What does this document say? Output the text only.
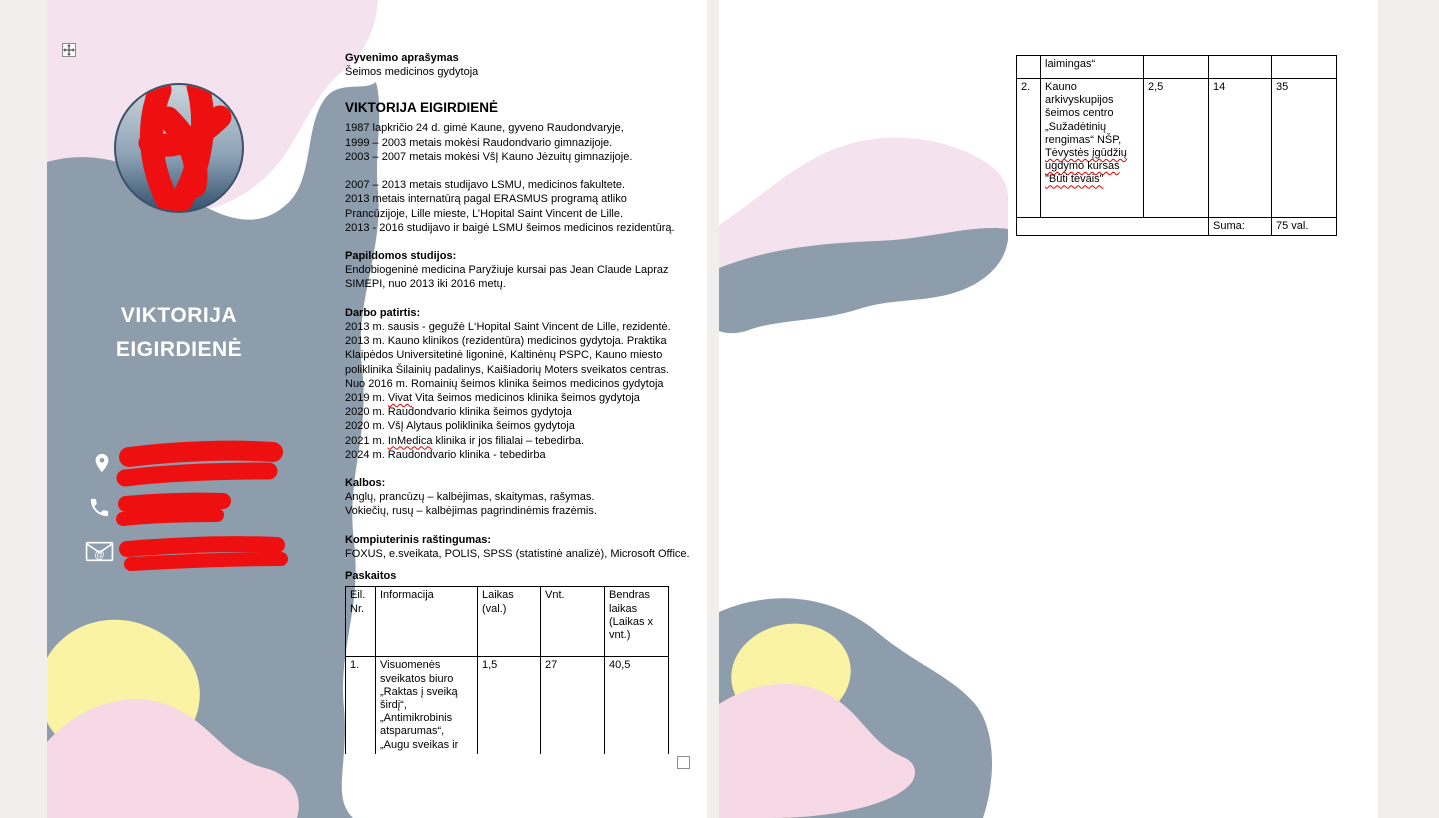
VIKTORIJA
EIGIRDIENĖ
@
Gyvenimo aprašymas
Šeimos medicinos gydytoja
VIKTORIJA EIGIRDIENĖ
1987 lapkričio 24 d. gimė Kaune, gyveno Raudondvaryje,
1999 – 2003 metais mokėsi Raudondvario gimnazijoje.
2003 – 2007 metais mokėsi VšĮ Kauno Jėzuitų gimnazijoje.
2007 – 2013 metais studijavo LSMU, medicinos fakultete.
2013 metais internatūrą pagal ERASMUS programą atliko
Prancūzijoje, Lille mieste, L’Hopital Saint Vincent de Lille.
2013 - 2016 studijavo ir baigė LSMU šeimos medicinos rezidentūrą.
Papildomos studijos:
Endobiogeninė medicina Paryžiuje kursai pas Jean Claude Lapraz
SIMEPI, nuo 2013 iki 2016 metų.
Darbo patirtis:
2013 m. sausis - gegužė L‘Hopital Saint Vincent de Lille, rezidentė.
2013 m. Kauno klinikos (rezidentūra) medicinos gydytoja. Praktika
Klaipėdos Universitetinė ligoninė, Kaltinėnų PSPC, Kauno miesto
poliklinika Šilainių padalinys, Kaišiadorių Moters sveikatos centras.
Nuo 2016 m. Romainių šeimos klinika šeimos medicinos gydytoja
2019 m. Vivat Vita šeimos medicinos klinika šeimos gydytoja
2020 m. Raudondvario klinika šeimos gydytoja
2020 m. VšĮ Alytaus poliklinika šeimos gydytoja
2021 m. InMedica klinika ir jos filialai – tebedirba.
2024 m. Raudondvario klinika - tebedirba
Kalbos:
Anglų, prancūzų – kalbėjimas, skaitymas, rašymas.
Vokiečių, rusų – kalbėjimas pagrindinėmis frazėmis.
Kompiuterinis raštingumas:
FOXUS, e.sveikata, POLIS, SPSS (statistinė analizė), Microsoft Office.
Paskaitos
Eil. Nr.	Informacija	Laikas (val.)	Vnt.	Bendras laikas (Laikas x vnt.)
1.	Visuomenės sveikatos biuro „Raktas į sveiką širdį“, „Antimikrobinis atsparumas“, „Augu sveikas ir	1,5	27	40,5
	laimingas“			
2.	Kauno arkivyskupijos šeimos centro „Sužadėtinių rengimas“ NŠP, Tėvystės įgūdžių ugdymo kursas "Būti tėvais"	2,5	14	35
			Suma:	75 val.
